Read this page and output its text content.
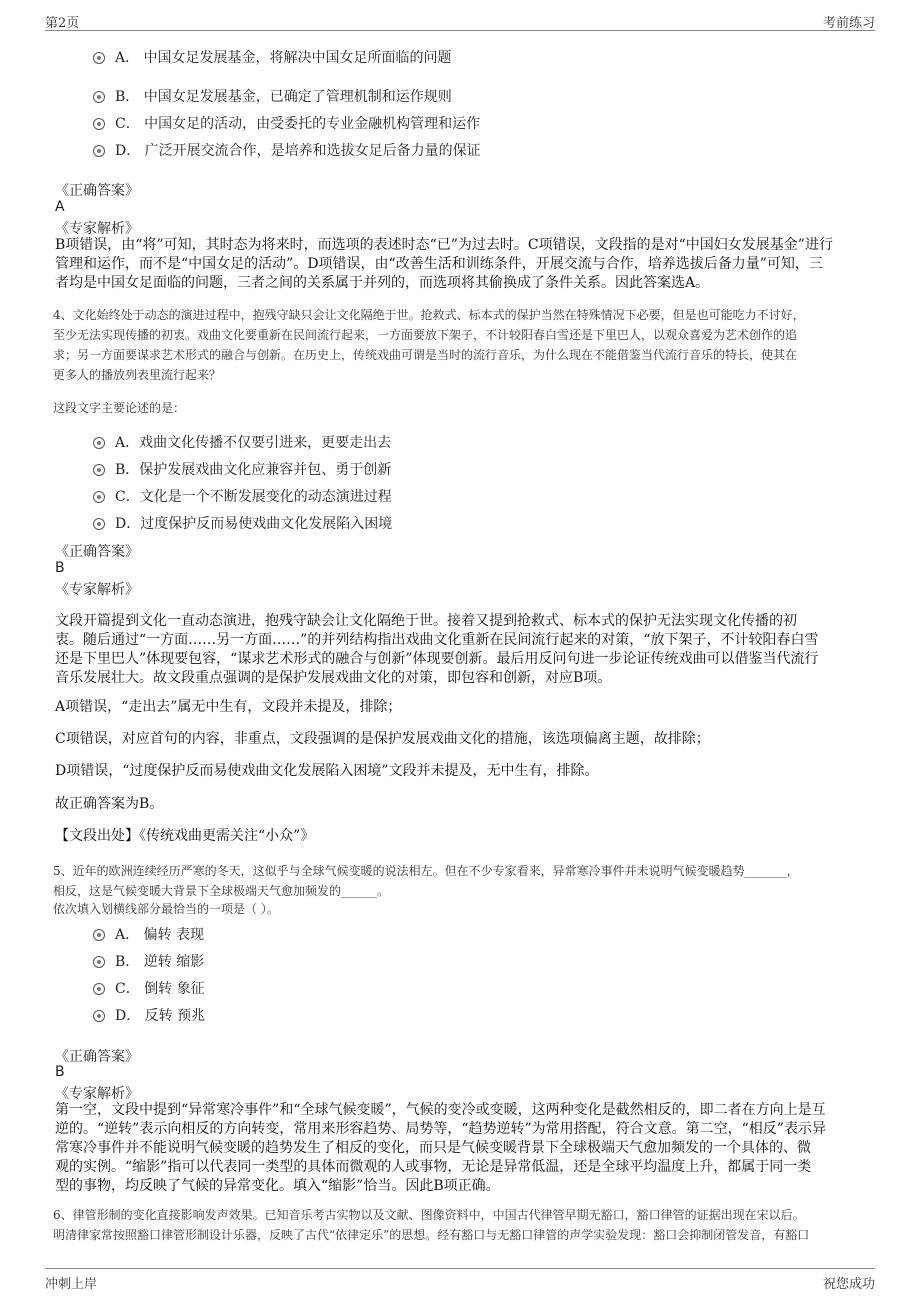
第2页	考前练习
A． 中国女足发展基金，将解决中国女足所面临的问题
B． 中国女足发展基金，已确定了管理机制和运作规则
C． 中国女足的活动，由受委托的专业金融机构管理和运作
D． 广泛开展交流合作，是培养和选拔女足后备力量的保证
《正确答案》
A
《专家解析》

B项错误，由“将”可知，其时态为将来时，而选项的表述时态“已”为过去时。C项错误，文段指的是对“中国妇女发展基金”进行

管理和运作，而不是“中国女足的活动”。D项错误，由“改善生活和训练条件，开展交流与合作，培养选拔后备力量”可知，三

者均是中国女足面临的问题，三者之间的关系属于并列的，而选项将其偷换成了条件关系。因此答案选A。

4、文化始终处于动态的演进过程中，抱残守缺只会让文化隔绝于世。抢救式、标本式的保护当然在特殊情况下必要，但是也可能吃力不讨好，
至少无法实现传播的初衷。戏曲文化要重新在民间流行起来，一方面要放下架子，不计较阳春白雪还是下里巴人，以观众喜爱为艺术创作的追
求；另一方面要谋求艺术形式的融合与创新。在历史上，传统戏曲可谓是当时的流行音乐，为什么现在不能借鉴当代流行音乐的特长，使其在
更多人的播放列表里流行起来？
这段文字主要论述的是：
A．戏曲文化传播不仅要引进来，更要走出去
B．保护发展戏曲文化应兼容并包、勇于创新
C．文化是一个不断发展变化的动态演进过程
D．过度保护反而易使戏曲文化发展陷入困境
《正确答案》
B
《专家解析》

文段开篇提到文化一直动态演进，抱残守缺会让文化隔绝于世。接着又提到抢救式、标本式的保护无法实现文化传播的初

衷。随后通过“一方面……另一方面……”的并列结构指出戏曲文化重新在民间流行起来的对策，“放下架子，不计较阳春白雪

还是下里巴人”体现要包容，“谋求艺术形式的融合与创新”体现要创新。最后用反问句进一步论证传统戏曲可以借鉴当代流行

音乐发展壮大。故文段重点强调的是保护发展戏曲文化的对策，即包容和创新，对应B项。

A项错误，“走出去”属无中生有，文段并未提及，排除；
C项错误，对应首句的内容，非重点，文段强调的是保护发展戏曲文化的措施，该选项偏离主题，故排除；
D项错误，“过度保护反而易使戏曲文化发展陷入困境”文段并未提及，无中生有，排除。
故正确答案为B。
【文段出处】《传统戏曲更需关注“小众”》
5、近年的欧洲连续经历严寒的冬天，这似乎与全球气候变暖的说法相左。但在不少专家看来，异常寒冷事件并未说明气候变暖趋势_______，
相反，这是气候变暖大背景下全球极端天气愈加频发的______。
依次填入划横线部分最恰当的一项是（ ）。
A． 偏转 表现
B． 逆转 缩影
C． 倒转 象征
D． 反转 预兆
《正确答案》
B
《专家解析》

第一空，文段中提到“异常寒冷事件”和“全球气候变暖”，气候的变冷或变暖，这两种变化是截然相反的，即二者在方向上是互

逆的。“逆转”表示向相反的方向转变，常用来形容趋势、局势等，“趋势逆转”为常用搭配，符合文意。第二空，“相反”表示异

常寒冷事件并不能说明气候变暖的趋势发生了相反的变化，而只是气候变暖背景下全球极端天气愈加频发的一个具体的、微

观的实例。“缩影”指可以代表同一类型的具体而微观的人或事物，无论是异常低温，还是全球平均温度上升，都属于同一类

型的事物，均反映了气候的异常变化。填入“缩影”恰当。因此B项正确。

6、律管形制的变化直接影响发声效果。已知音乐考古实物以及文献、图像资料中，中国古代律管早期无豁口，豁口律管的证据出现在宋以后。
明清律家常按照豁口律管形制设计乐器，反映了古代“依律定乐”的思想。经有豁口与无豁口律管的声学实验发现：豁口会抑制闭管发音，有豁口
冲刺上岸	祝您成功
